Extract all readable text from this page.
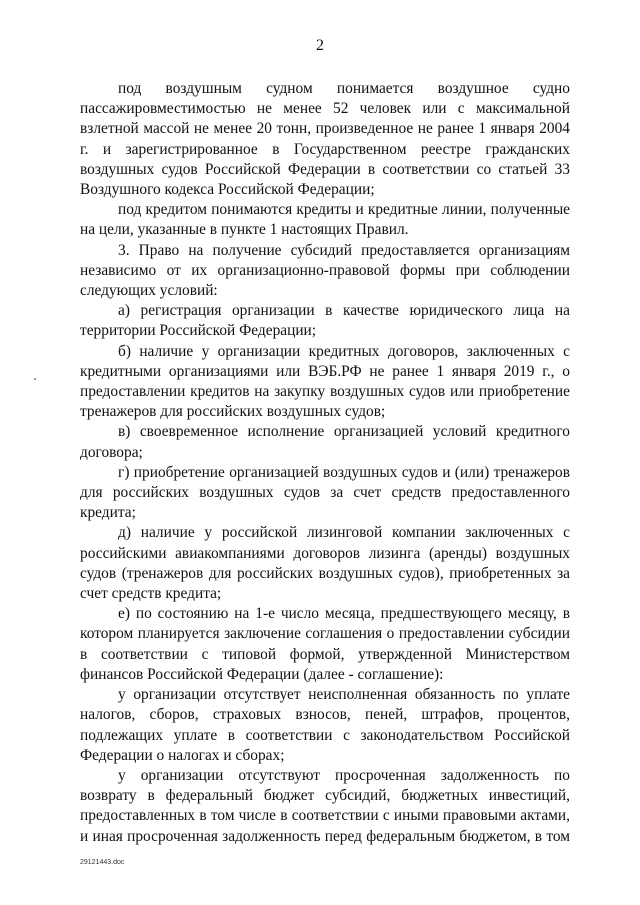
2

под воздушным судном понимается воздушное судно пассажировместимостью не менее 52 человек или с максимальной взлетной массой не менее 20 тонн, произведенное не ранее 1 января 2004 г. и зарегистрированное в Государственном реестре гражданских воздушных судов Российской Федерации в соответствии со статьей 33 Воздушного кодекса Российской Федерации;

под кредитом понимаются кредиты и кредитные линии, полученные на цели, указанные в пункте 1 настоящих Правил.

3. Право на получение субсидий предоставляется организациям независимо от их организационно-правовой формы при соблюдении следующих условий:

а) регистрация организации в качестве юридического лица на территории Российской Федерации;

б) наличие у организации кредитных договоров, заключенных с кредитными организациями или ВЭБ.РФ не ранее 1 января 2019 г., о предоставлении кредитов на закупку воздушных судов или приобретение тренажеров для российских воздушных судов;

в) своевременное исполнение организацией условий кредитного договора;

г) приобретение организацией воздушных судов и (или) тренажеров для российских воздушных судов за счет средств предоставленного кредита;

д) наличие у российской лизинговой компании заключенных с российскими авиакомпаниями договоров лизинга (аренды) воздушных судов (тренажеров для российских воздушных судов), приобретенных за счет средств кредита;

е) по состоянию на 1-е число месяца, предшествующего месяцу, в котором планируется заключение соглашения о предоставлении субсидии в соответствии с типовой формой, утвержденной Министерством финансов Российской Федерации (далее - соглашение):

у организации отсутствует неисполненная обязанность по уплате налогов, сборов, страховых взносов, пеней, штрафов, процентов, подлежащих уплате в соответствии с законодательством Российской Федерации о налогах и сборах;

у организации отсутствуют просроченная задолженность по возврату в федеральный бюджет субсидий, бюджетных инвестиций, предоставленных в том числе в соответствии с иными правовыми актами, и иная просроченная задолженность перед федеральным бюджетом, в том

29121443.doc
